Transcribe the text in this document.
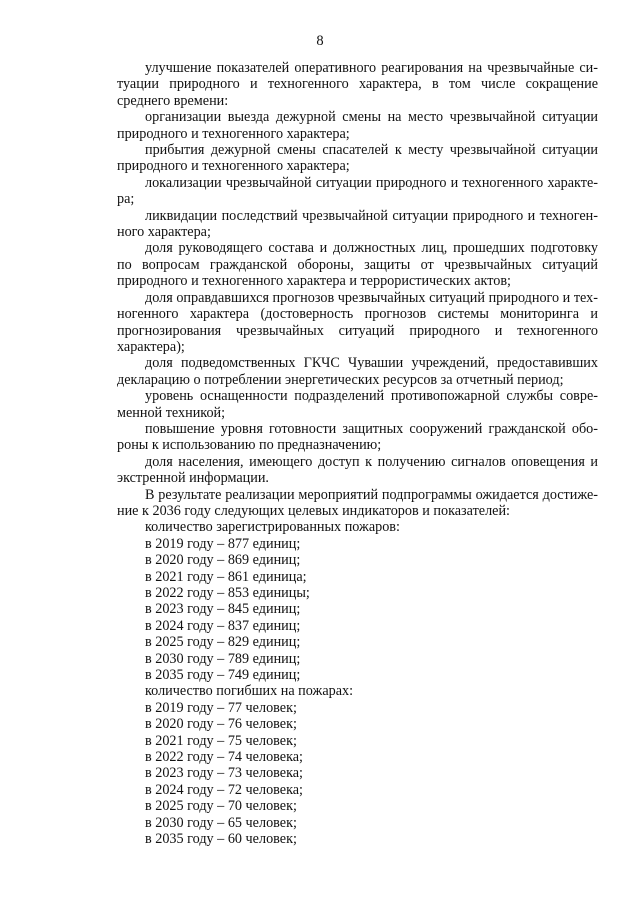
8

улучшение показателей оперативного реагирования на чрезвычайные ситуации природного и техногенного характера, в том числе сокращение среднего времени:

организации выезда дежурной смены на место чрезвычайной ситуации природного и техногенного характера;

прибытия дежурной смены спасателей к месту чрезвычайной ситуации природного и техногенного характера;

локализации чрезвычайной ситуации природного и техногенного характера;

ликвидации последствий чрезвычайной ситуации природного и техногенного характера;

доля руководящего состава и должностных лиц, прошедших подготовку по вопросам гражданской обороны, защиты от чрезвычайных ситуаций природного и техногенного характера и террористических актов;

доля оправдавшихся прогнозов чрезвычайных ситуаций природного и техногенного характера (достоверность прогнозов системы мониторинга и прогнозирования чрезвычайных ситуаций природного и техногенного характера);

доля подведомственных ГКЧС Чувашии учреждений, предоставивших декларацию о потреблении энергетических ресурсов за отчетный период;

уровень оснащенности подразделений противопожарной службы современной техникой;

повышение уровня готовности защитных сооружений гражданской обороны к использованию по предназначению;

доля населения, имеющего доступ к получению сигналов оповещения и экстренной информации.

В результате реализации мероприятий подпрограммы ожидается достижение к 2036 году следующих целевых индикаторов и показателей:

количество зарегистрированных пожаров:
в 2019 году – 877 единиц;
в 2020 году – 869 единиц;
в 2021 году – 861 единица;
в 2022 году – 853 единицы;
в 2023 году – 845 единиц;
в 2024 году – 837 единиц;
в 2025 году – 829 единиц;
в 2030 году – 789 единиц;
в 2035 году – 749 единиц;
количество погибших на пожарах:
в 2019 году – 77 человек;
в 2020 году – 76 человек;
в 2021 году – 75 человек;
в 2022 году – 74 человека;
в 2023 году – 73 человека;
в 2024 году – 72 человека;
в 2025 году – 70 человек;
в 2030 году – 65 человек;
в 2035 году – 60 человек;
